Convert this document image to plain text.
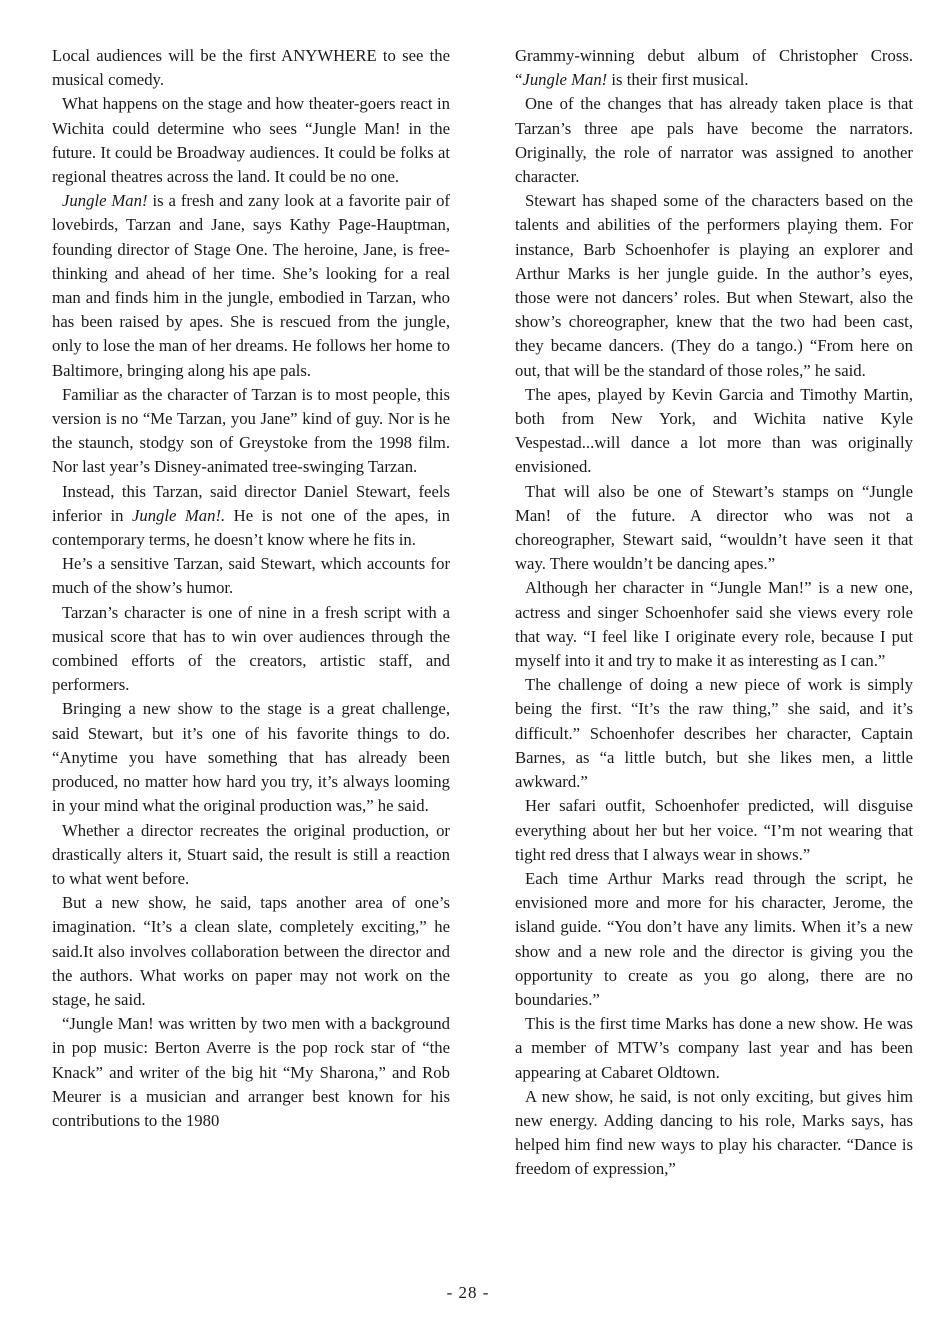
Local audiences will be the first ANYWHERE to see the musical comedy.

What happens on the stage and how theater-goers react in Wichita could determine who sees “Jungle Man! in the future. It could be Broadway audiences. It could be folks at regional theatres across the land. It could be no one.

Jungle Man! is a fresh and zany look at a favorite pair of lovebirds, Tarzan and Jane, says Kathy Page-Hauptman, founding director of Stage One. The heroine, Jane, is free-thinking and ahead of her time. She’s looking for a real man and finds him in the jungle, embodied in Tarzan, who has been raised by apes. She is rescued from the jungle, only to lose the man of her dreams. He follows her home to Baltimore, bringing along his ape pals.

Familiar as the character of Tarzan is to most people, this version is no “Me Tarzan, you Jane” kind of guy. Nor is he the staunch, stodgy son of Greystoke from the 1998 film. Nor last year’s Disney-animated tree-swinging Tarzan.

Instead, this Tarzan, said director Daniel Stewart, feels inferior in Jungle Man!. He is not one of the apes, in contemporary terms, he doesn’t know where he fits in.

He’s a sensitive Tarzan, said Stewart, which accounts for much of the show’s humor.

Tarzan’s character is one of nine in a fresh script with a musical score that has to win over audiences through the combined efforts of the creators, artistic staff, and performers.

Bringing a new show to the stage is a great challenge, said Stewart, but it’s one of his favorite things to do. “Anytime you have something that has already been produced, no matter how hard you try, it’s always looming in your mind what the original production was,” he said.

Whether a director recreates the original production, or drastically alters it, Stuart said, the result is still a reaction to what went before.

But a new show, he said, taps another area of one’s imagination. “It’s a clean slate, completely exciting,” he said.It also involves collaboration between the director and the authors. What works on paper may not work on the stage, he said.

“Jungle Man! was written by two men with a background in pop music: Berton Averre is the pop rock star of “the Knack” and writer of the big hit “My Sharona,” and Rob Meurer is a musician and arranger best known for his contributions to the 1980

Grammy-winning debut album of Christopher Cross. “Jungle Man! is their first musical.

One of the changes that has already taken place is that Tarzan’s three ape pals have become the narrators. Originally, the role of narrator was assigned to another character.

Stewart has shaped some of the characters based on the talents and abilities of the performers playing them. For instance, Barb Schoenhofer is playing an explorer and Arthur Marks is her jungle guide. In the author’s eyes, those were not dancers’ roles. But when Stewart, also the show’s choreographer, knew that the two had been cast, they became dancers. (They do a tango.) “From here on out, that will be the standard of those roles,” he said.

The apes, played by Kevin Garcia and Timothy Martin, both from New York, and Wichita native Kyle Vespestad...will dance a lot more than was originally envisioned.

That will also be one of Stewart’s stamps on “Jungle Man! of the future. A director who was not a choreographer, Stewart said, “wouldn’t have seen it that way. There wouldn’t be dancing apes.”

Although her character in “Jungle Man!” is a new one, actress and singer Schoenhofer said she views every role that way. “I feel like I originate every role, because I put myself into it and try to make it as interesting as I can.”

The challenge of doing a new piece of work is simply being the first. “It’s the raw thing,” she said, and it’s difficult.” Schoenhofer describes her character, Captain Barnes, as “a little butch, but she likes men, a little awkward.”

Her safari outfit, Schoenhofer predicted, will disguise everything about her but her voice. “I’m not wearing that tight red dress that I always wear in shows.”

Each time Arthur Marks read through the script, he envisioned more and more for his character, Jerome, the island guide. “You don’t have any limits. When it’s a new show and a new role and the director is giving you the opportunity to create as you go along, there are no boundaries.”

This is the first time Marks has done a new show. He was a member of MTW’s company last year and has been appearing at Cabaret Oldtown.

A new show, he said, is not only exciting, but gives him new energy. Adding dancing to his role, Marks says, has helped him find new ways to play his character. “Dance is freedom of expression,”

- 28 -
